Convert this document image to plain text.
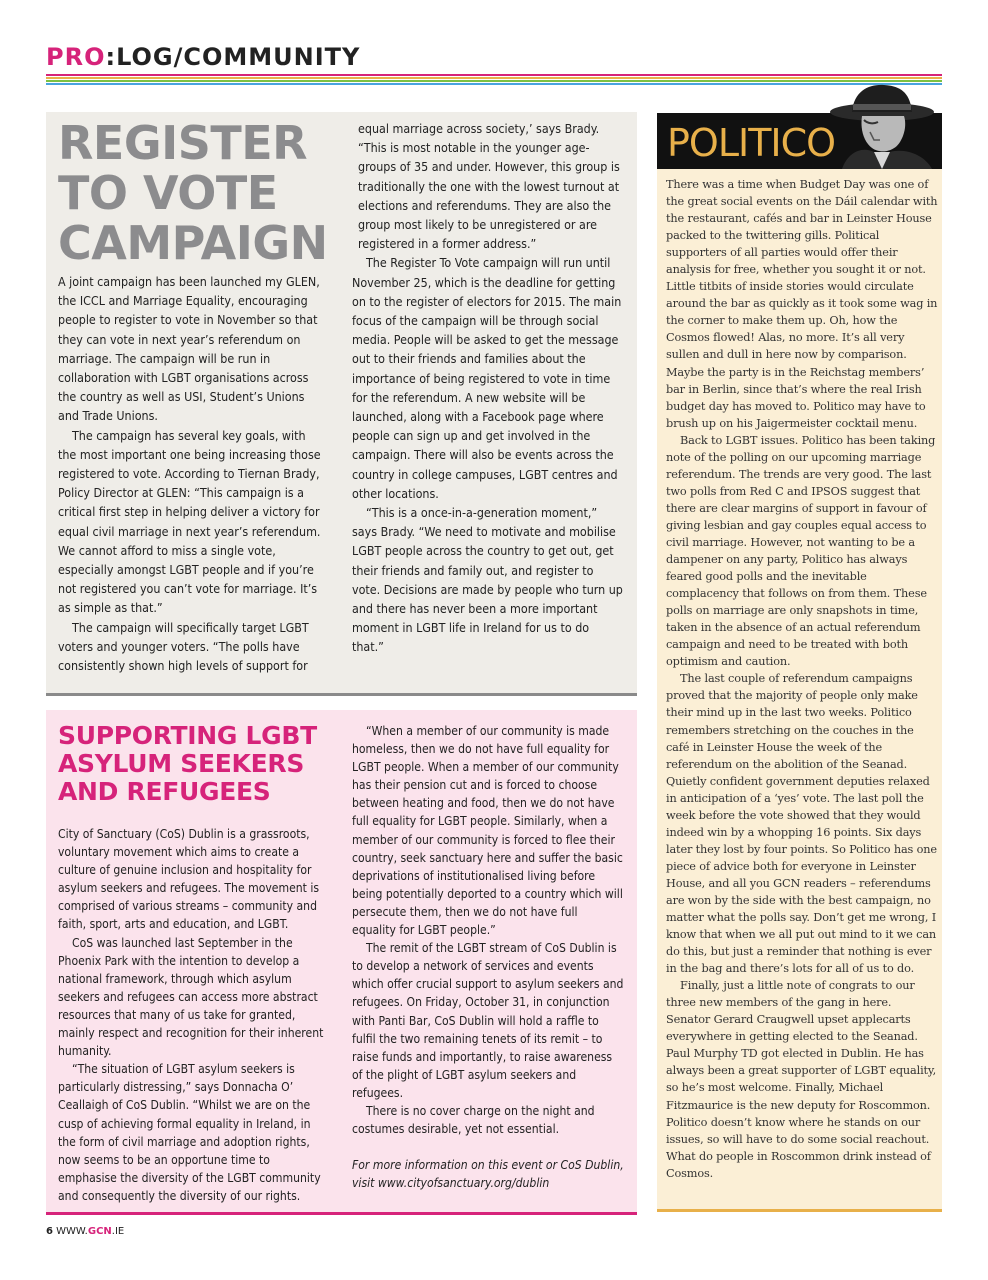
PRO:LOG/COMMUNITY
REGISTER TO VOTE CAMPAIGN

A joint campaign has been launched my GLEN, the ICCL and Marriage Equality, encouraging people to register to vote in November so that they can vote in next year’s referendum on marriage. The campaign will be run in collaboration with LGBT organisations across the country as well as USI, Student’s Unions and Trade Unions.

The campaign has several key goals, with the most important one being increasing those registered to vote. According to Tiernan Brady, Policy Director at GLEN: “This campaign is a critical first step in helping deliver a victory for equal civil marriage in next year’s referendum. We cannot afford to miss a single vote, especially amongst LGBT people and if you’re not registered you can’t vote for marriage. It’s as simple as that.”

The campaign will specifically target LGBT voters and younger voters. “The polls have consistently shown high levels of support for

equal marriage across society,’ says Brady. “This is most notable in the younger age-groups of 35 and under. However, this group is traditionally the one with the lowest turnout at elections and referendums. They are also the group most likely to be unregistered or are registered in a former address.”

The Register To Vote campaign will run until November 25, which is the deadline for getting on to the register of electors for 2015. The main focus of the campaign will be through social media. People will be asked to get the message out to their friends and families about the importance of being registered to vote in time for the referendum. A new website will be launched, along with a Facebook page where people can sign up and get involved in the campaign. There will also be events across the country in college campuses, LGBT centres and other locations.

“This is a once-in-a-generation moment,” says Brady. “We need to motivate and mobilise LGBT people across the country to get out, get their friends and family out, and register to vote. Decisions are made by people who turn up and there has never been a more important moment in LGBT life in Ireland for us to do that.”

SUPPORTING LGBT ASYLUM SEEKERS AND REFUGEES

City of Sanctuary (CoS) Dublin is a grassroots, voluntary movement which aims to create a culture of genuine inclusion and hospitality for asylum seekers and refugees. The movement is comprised of various streams – community and faith, sport, arts and education, and LGBT.

CoS was launched last September in the Phoenix Park with the intention to develop a national framework, through which asylum seekers and refugees can access more abstract resources that many of us take for granted, mainly respect and recognition for their inherent humanity.

“The situation of LGBT asylum seekers is particularly distressing,” says Donnacha O’ Ceallaigh of CoS Dublin. “Whilst we are on the cusp of achieving formal equality in Ireland, in the form of civil marriage and adoption rights, now seems to be an opportune time to emphasise the diversity of the LGBT community and consequently the diversity of our rights.

“When a member of our community is made homeless, then we do not have full equality for LGBT people. When a member of our community has their pension cut and is forced to choose between heating and food, then we do not have full equality for LGBT people. Similarly, when a member of our community is forced to flee their country, seek sanctuary here and suffer the basic deprivations of institutionalised living before being potentially deported to a country which will persecute them, then we do not have full equality for LGBT people.”

The remit of the LGBT stream of CoS Dublin is to develop a network of services and events which offer crucial support to asylum seekers and refugees. On Friday, October 31, in conjunction with Panti Bar, CoS Dublin will hold a raffle to fulfil the two remaining tenets of its remit – to raise funds and importantly, to raise awareness of the plight of LGBT asylum seekers and refugees.

There is no cover charge on the night and costumes desirable, yet not essential.

For more information on this event or CoS Dublin, visit www.cityofsanctuary.org/dublin

POLITICO

There was a time when Budget Day was one of the great social events on the Dáil calendar with the restaurant, cafés and bar in Leinster House packed to the twittering gills. Political supporters of all parties would offer their analysis for free, whether you sought it or not. Little titbits of inside stories would circulate around the bar as quickly as it took some wag in the corner to make them up. Oh, how the Cosmos flowed! Alas, no more. It’s all very sullen and dull in here now by comparison. Maybe the party is in the Reichstag members’ bar in Berlin, since that’s where the real Irish budget day has moved to. Politico may have to brush up on his Jaigermeister cocktail menu.

Back to LGBT issues. Politico has been taking note of the polling on our upcoming marriage referendum. The trends are very good. The last two polls from Red C and IPSOS suggest that there are clear margins of support in favour of giving lesbian and gay couples equal access to civil marriage. However, not wanting to be a dampener on any party, Politico has always feared good polls and the inevitable complacency that follows on from them. These polls on marriage are only snapshots in time, taken in the absence of an actual referendum campaign and need to be treated with both optimism and caution.

The last couple of referendum campaigns proved that the majority of people only make their mind up in the last two weeks. Politico remembers stretching on the couches in the café in Leinster House the week of the referendum on the abolition of the Seanad. Quietly confident government deputies relaxed in anticipation of a ‘yes’ vote. The last poll the week before the vote showed that they would indeed win by a whopping 16 points. Six days later they lost by four points. So Politico has one piece of advice both for everyone in Leinster House, and all you GCN readers – referendums are won by the side with the best campaign, no matter what the polls say. Don’t get me wrong, I know that when we all put out mind to it we can do this, but just a reminder that nothing is ever in the bag and there’s lots for all of us to do.

Finally, just a little note of congrats to our three new members of the gang in here. Senator Gerard Craugwell upset applecarts everywhere in getting elected to the Seanad. Paul Murphy TD got elected in Dublin. He has always been a great supporter of LGBT equality, so he’s most welcome. Finally, Michael Fitzmaurice is the new deputy for Roscommon. Politico doesn’t know where he stands on our issues, so will have to do some social reachout. What do people in Roscommon drink instead of Cosmos.

6 WWW.GCN.IE
